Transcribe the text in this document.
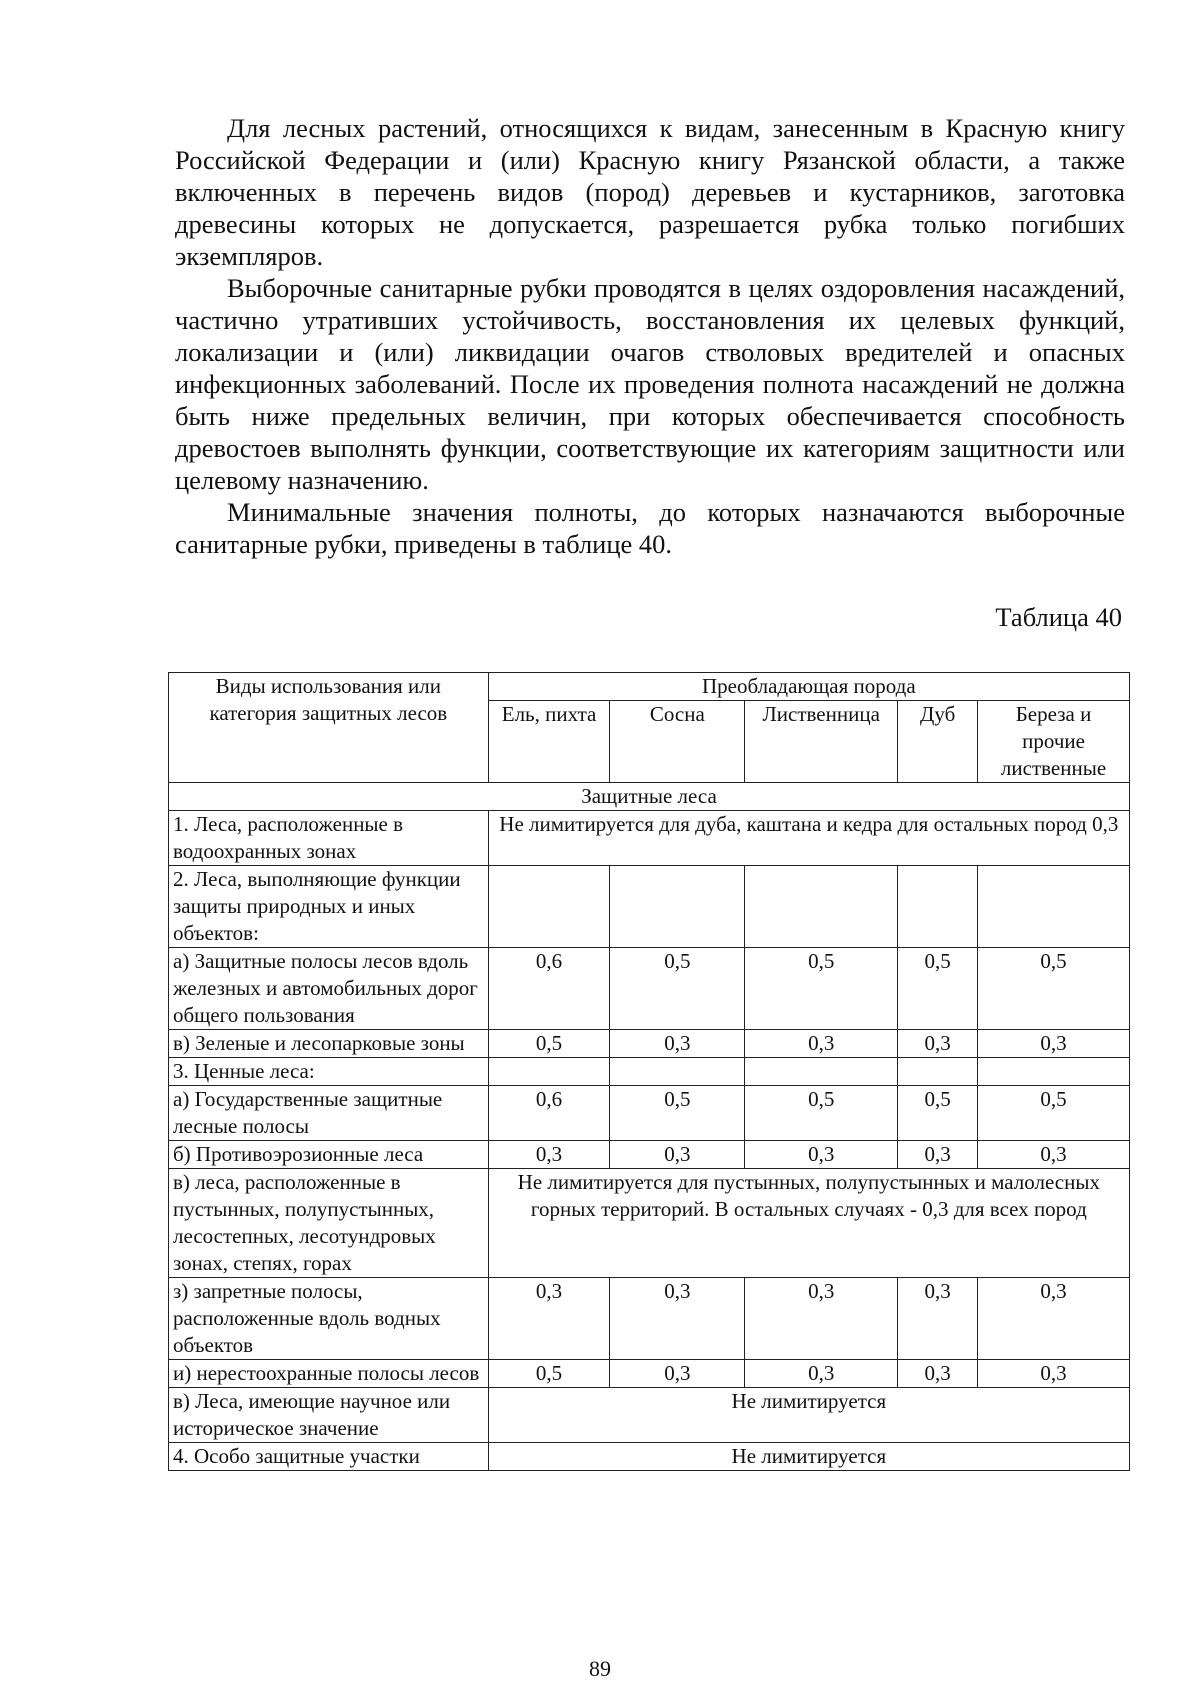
Для лесных растений, относящихся к видам, занесенным в Красную книгу Российской Федерации и (или) Красную книгу Рязанской области, а также включенных в перечень видов (пород) деревьев и кустарников, заготовка древесины которых не допускается, разрешается рубка только погибших экземпляров.

Выборочные санитарные рубки проводятся в целях оздоровления насаждений, частично утративших устойчивость, восстановления их целевых функций, локализации и (или) ликвидации очагов стволовых вредителей и опасных инфекционных заболеваний. После их проведения полнота насаждений не должна быть ниже предельных величин, при которых обеспечивается способность древостоев выполнять функции, соответствующие их категориям защитности или целевому назначению.

Минимальные значения полноты, до которых назначаются выборочные санитарные рубки, приведены в таблице 40.

Таблица 40
Виды использования или категория защитных лесов	Преобладающая порода				
	Ель, пихта	Сосна	Лиственница	Дуб	Береза и прочие лиственные
Защитные леса					
1. Леса, расположенные в водоохранных зонах	Не лимитируется для дуба, каштана и кедра для остальных пород 0,3				
2. Леса, выполняющие функции защиты природных и иных объектов:					
а) Защитные полосы лесов вдоль железных и автомобильных дорог общего пользования	0,6	0,5	0,5	0,5	0,5
в) Зеленые и лесопарковые зоны	0,5	0,3	0,3	0,3	0,3
3. Ценные леса:					
а) Государственные защитные лесные полосы	0,6	0,5	0,5	0,5	0,5
б) Противоэрозионные леса	0,3	0,3	0,3	0,3	0,3
в) леса, расположенные в пустынных, полупустынных, лесостепных, лесотундровых зонах, степях, горах	Не лимитируется для пустынных, полупустынных и малолесных горных территорий. В остальных случаях - 0,3 для всех пород				
з) запретные полосы, расположенные вдоль водных объектов	0,3	0,3	0,3	0,3	0,3
и) нерестоохранные полосы лесов	0,5	0,3	0,3	0,3	0,3
в) Леса, имеющие научное или историческое значение	Не лимитируется				
4. Особо защитные участки	Не лимитируется				
89
